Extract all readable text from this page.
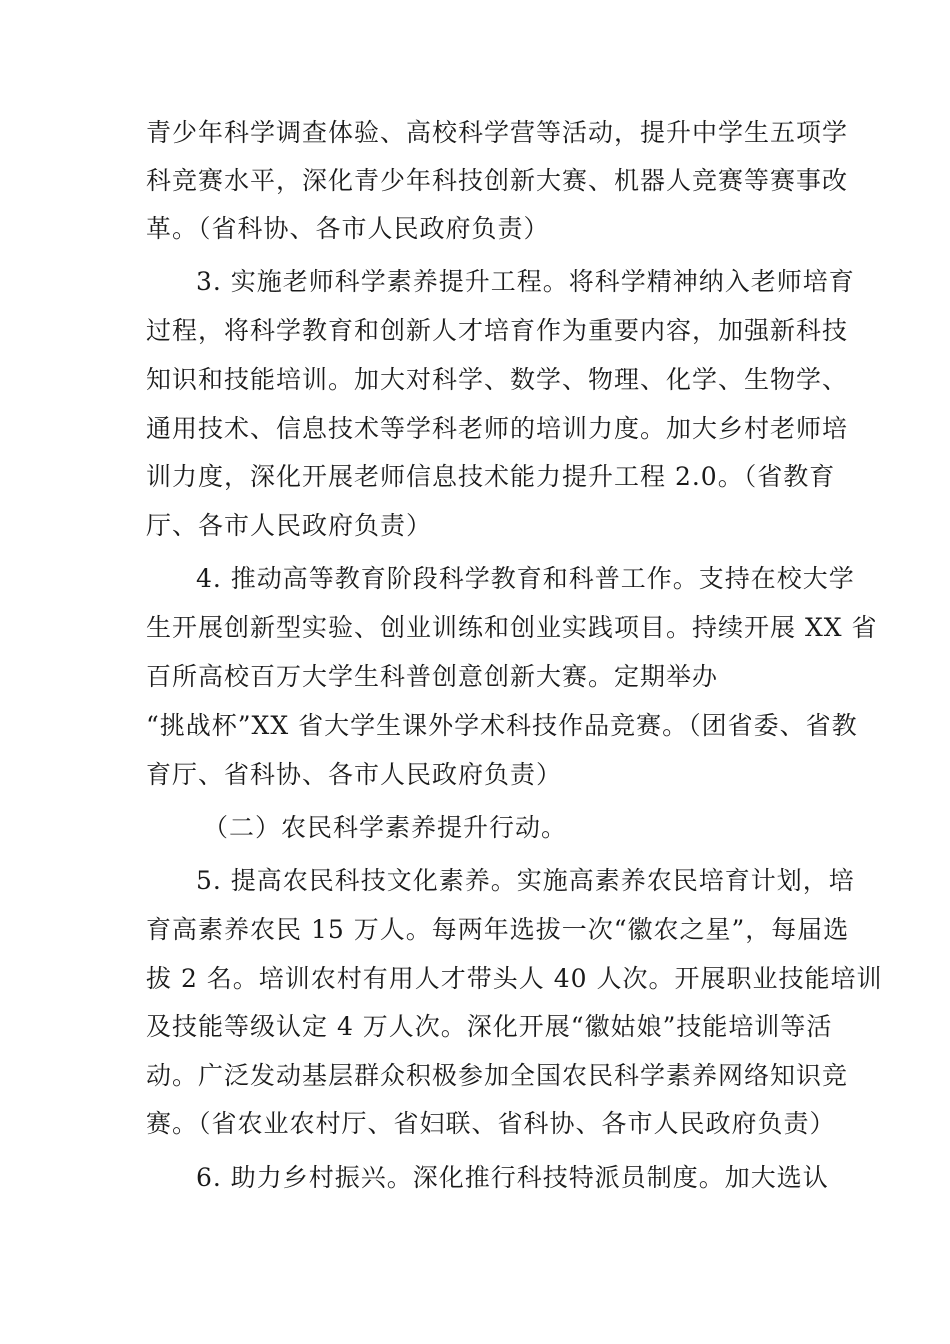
青少年科学调查体验、高校科学营等活动，提升中学生五项学
科竞赛水平，深化青少年科技创新大赛、机器人竞赛等赛事改
革。（省科协、各市人民政府负责）
3. 实施老师科学素养提升工程。将科学精神纳入老师培育
过程，将科学教育和创新人才培育作为重要内容，加强新科技
知识和技能培训。加大对科学、数学、物理、化学、生物学、
通用技术、信息技术等学科老师的培训力度。加大乡村老师培
训力度，深化开展老师信息技术能力提升工程 2.0。（省教育
厅、各市人民政府负责）
4. 推动高等教育阶段科学教育和科普工作。支持在校大学
生开展创新型实验、创业训练和创业实践项目。持续开展 XX 省
百所高校百万大学生科普创意创新大赛。定期举办
“挑战杯”XX 省大学生课外学术科技作品竞赛。（团省委、省教
育厅、省科协、各市人民政府负责）
（二）农民科学素养提升行动。
5. 提高农民科技文化素养。实施高素养农民培育计划，培
育高素养农民 15 万人。每两年选拔一次“徽农之星”，每届选
拔 2 名。培训农村有用人才带头人 40 人次。开展职业技能培训
及技能等级认定 4 万人次。深化开展“徽姑娘”技能培训等活
动。广泛发动基层群众积极参加全国农民科学素养网络知识竞
赛。（省农业农村厅、省妇联、省科协、各市人民政府负责）
6. 助力乡村振兴。深化推行科技特派员制度。加大选认
